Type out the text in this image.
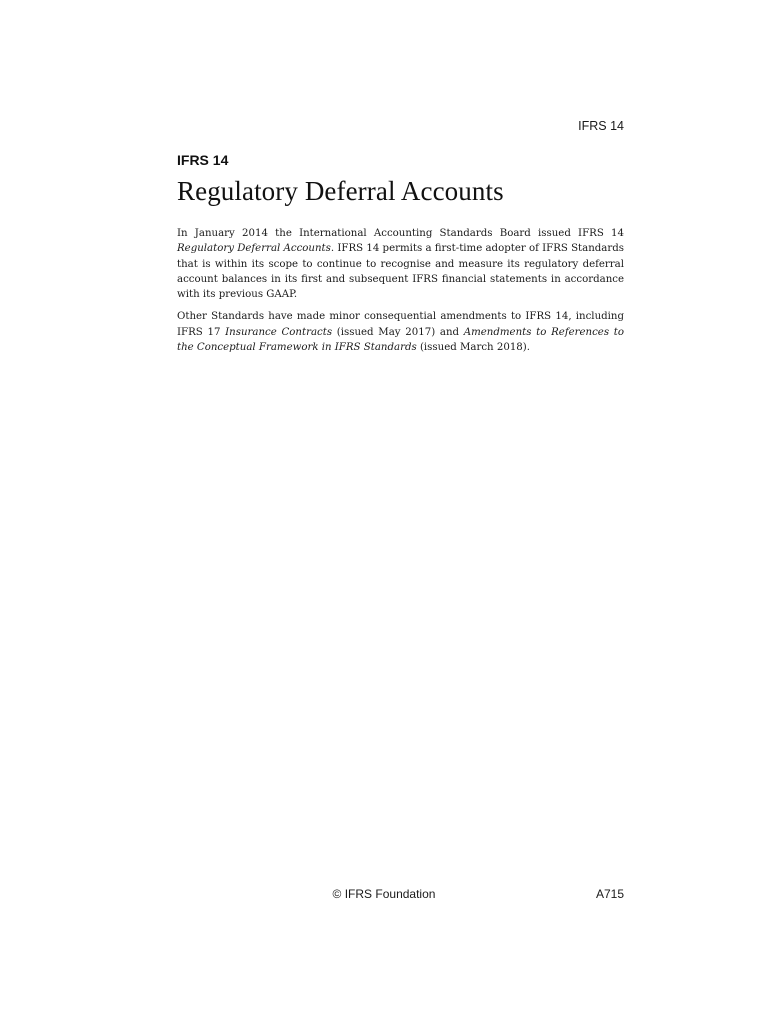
IFRS 14
IFRS 14
Regulatory Deferral Accounts

In January 2014 the International Accounting Standards Board issued IFRS 14 Regulatory Deferral Accounts. IFRS 14 permits a first-time adopter of IFRS Standards that is within its scope to continue to recognise and measure its regulatory deferral account balances in its first and subsequent IFRS financial statements in accordance with its previous GAAP.

Other Standards have made minor consequential amendments to IFRS 14, including IFRS 17 Insurance Contracts (issued May 2017) and Amendments to References to the Conceptual Framework in IFRS Standards (issued March 2018).

© IFRS Foundation	A715
